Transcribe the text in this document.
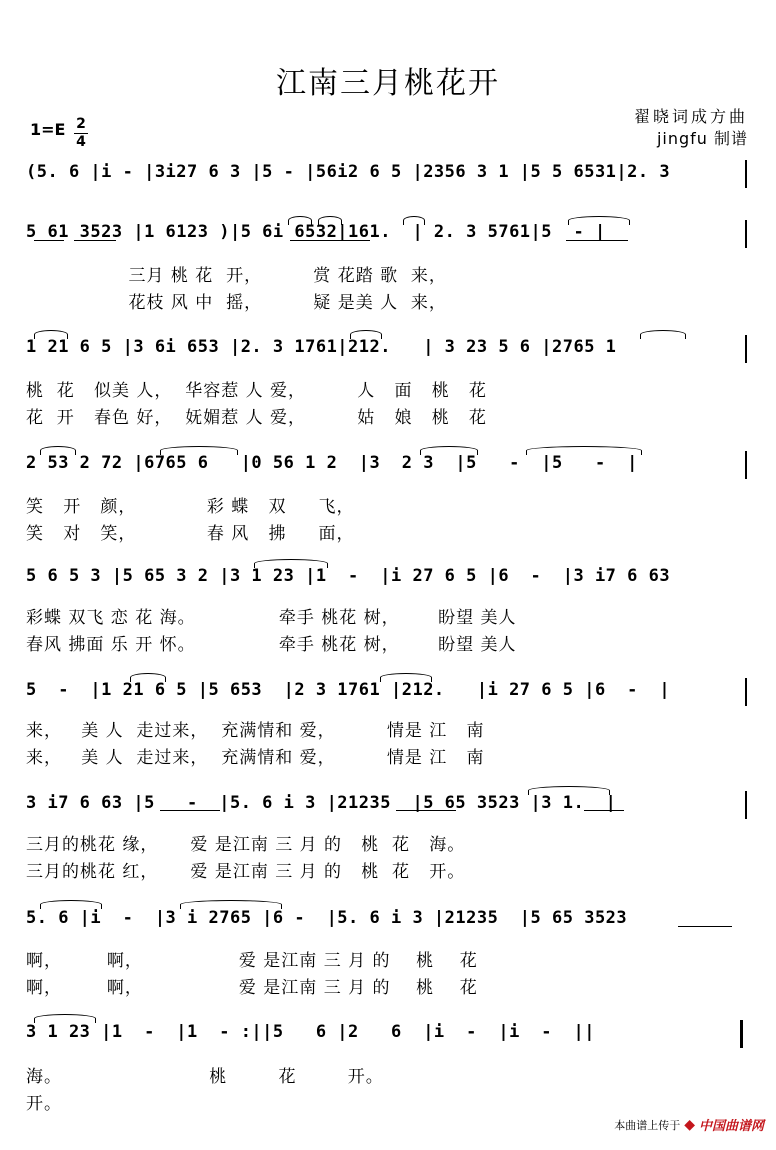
江南三月桃花开
翟晓词成方曲
jingfu 制谱
1=E 2
4
(5. 6 |i - |3i27 6 3 |5 - |56i2 6 5 |2356 3 1 |5 5 6531|2. 3
5 61 3523 |1 6123 )|5 6i 6532|161.  | 2. 3 5761|5  - |
三月 桃 花  开，        赏 花踏 歌  来，
花枝 风 中  摇，        疑 是美 人  来，
1 21 6 5 |3 6i 653 |2. 3 1761|212.   | 3 23 5 6 |2765 1
桃  花   似美 人，  华容惹 人 爱，        人   面   桃   花
花  开   春色 好，  妩媚惹 人 爱，        姑   娘   桃   花
2 53 2 72 |6765 6   |0 56 1 2  |3  2 3  |5   -  |5   -  |
笑   开   颜，           彩 蝶   双     飞，
笑   对   笑，           春 风   拂     面，
5 6 5 3 |5 65 3 2 |3 1 23 |1  -  |i 27 6 5 |6  -  |3 i7 6 63
彩蝶 双飞 恋 花 海。             牵手 桃花 树，      盼望 美人
春风 拂面 乐 开 怀。             牵手 桃花 树，      盼望 美人
5  -  |1 21 6 5 |5 653  |2 3 1761 |212.   |i 27 6 5 |6  -  |
来，   美 人  走过来，  充满情和 爱，        情是 江   南
来，   美 人  走过来，  充满情和 爱，        情是 江   南
3 i7 6 63 |5   -  |5. 6 i 3 |21235  |5 65 3523 |3 1.  |
三月的桃花 缘，     爱 是江南 三 月 的   桃  花   海。
三月的桃花 红，     爱 是江南 三 月 的   桃  花   开。
5. 6 |i  -  |3 i 2765 |6 -  |5. 6 i 3 |21235  |5 65 3523
啊，       啊，               爱 是江南 三 月 的    桃    花
啊，       啊，               爱 是江南 三 月 的    桃    花
3 1 23 |1  -  |1  - :||5   6 |2   6  |i  -  |i  -  ||
海。                       桃        花        开。
开。
本曲谱上传于 ◆ 中国曲谱网
